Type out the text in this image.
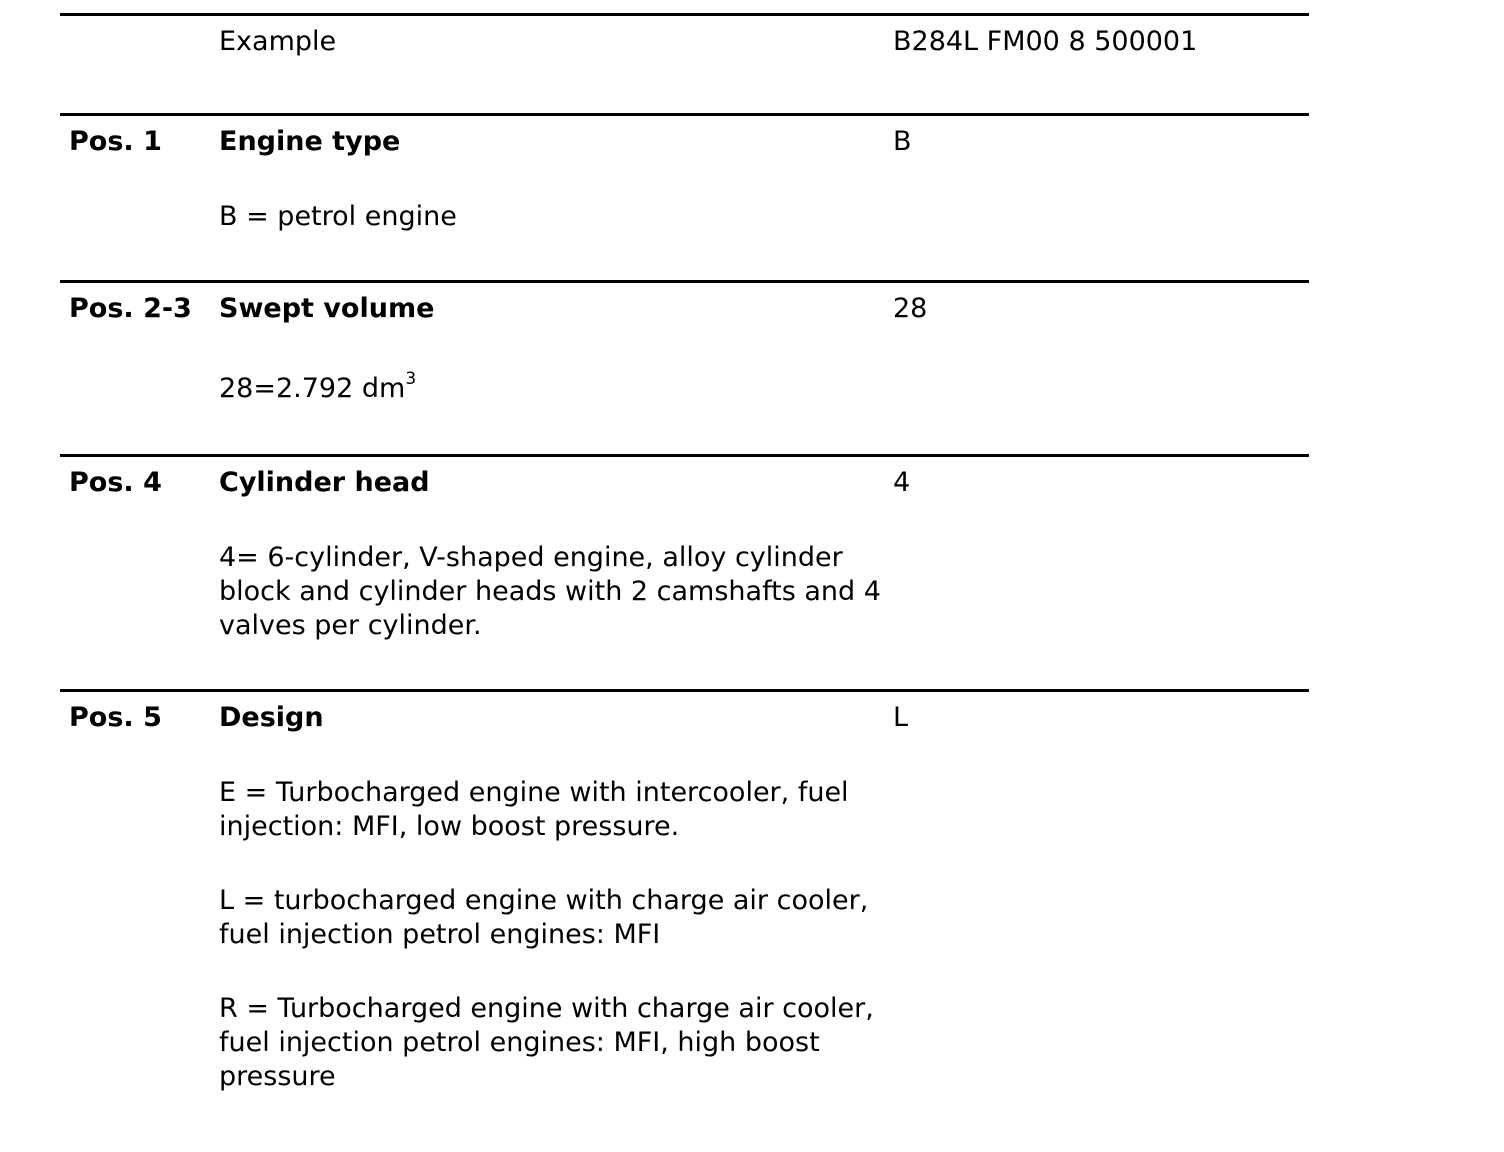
Example	B284L FM00 8 500001
Pos. 1 Engine type	B
B = petrol engine
Pos. 2-3 Swept volume	28
28=2.792 $dm^3$
Pos. 4 Cylinder head	4
4= 6-cylinder, V-shaped engine, alloy cylinder block and cylinder heads with 2 camshafts and 4 valves per cylinder.
Pos. 5 Design	L
E = Turbocharged engine with intercooler, fuel injection: MFI, low boost pressure.
L = turbocharged engine with charge air cooler, fuel injection petrol engines: MFI
R = Turbocharged engine with charge air cooler, fuel injection petrol engines: MFI, high boost pressure
